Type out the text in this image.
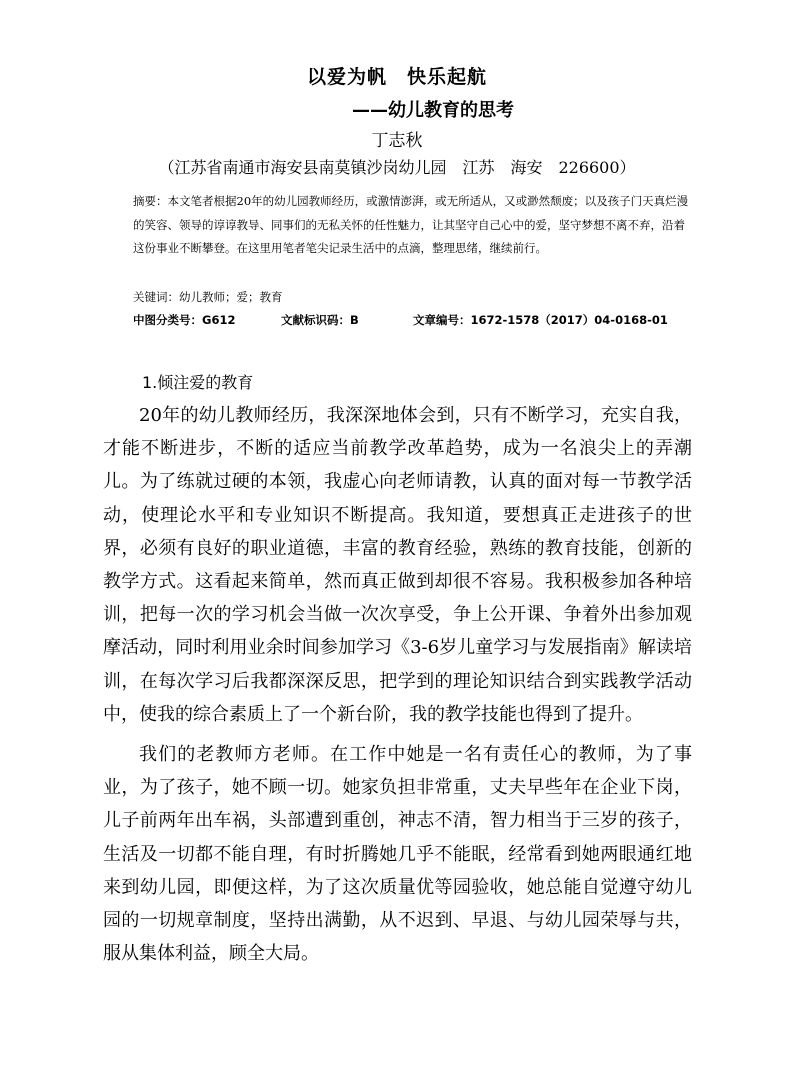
以爱为帆　快乐起航
——幼儿教育的思考
丁志秋
（江苏省南通市海安县南莫镇沙岗幼儿园　江苏　海安　226600）

摘要：本文笔者根据20年的幼儿园教师经历，或激情澎湃，或无所适从，又或渺然颓废；以及孩子门天真烂漫的笑容、领导的谆谆教导、同事们的无私关怀的任性魅力，让其坚守自己心中的爱，坚守梦想不离不弃，沿着这份事业不断攀登。在这里用笔者笔尖记录生活中的点滴，整理思绪，继续前行。

关键词：幼儿教师；爱；教育
中图分类号：G612	文献标识码：B	文章编号：1672-1578（2017）04-0168-01
1.倾注爱的教育

20年的幼儿教师经历，我深深地体会到，只有不断学习，充实自我，才能不断进步，不断的适应当前教学改革趋势，成为一名浪尖上的弄潮儿。为了练就过硬的本领，我虚心向老师请教，认真的面对每一节教学活动，使理论水平和专业知识不断提高。我知道，要想真正走进孩子的世界，必须有良好的职业道德，丰富的教育经验，熟练的教育技能，创新的教学方式。这看起来简单，然而真正做到却很不容易。我积极参加各种培训，把每一次的学习机会当做一次次享受，争上公开课、争着外出参加观摩活动，同时利用业余时间参加学习《3-6岁儿童学习与发展指南》解读培训，在每次学习后我都深深反思，把学到的理论知识结合到实践教学活动中，使我的综合素质上了一个新台阶，我的教学技能也得到了提升。

我们的老教师方老师。在工作中她是一名有责任心的教师，为了事业，为了孩子，她不顾一切。她家负担非常重，丈夫早些年在企业下岗，儿子前两年出车祸，头部遭到重创，神志不清，智力相当于三岁的孩子，生活及一切都不能自理，有时折腾她几乎不能眠，经常看到她两眼通红地来到幼儿园，即便这样，为了这次质量优等园验收，她总能自觉遵守幼儿园的一切规章制度，坚持出满勤，从不迟到、早退、与幼儿园荣辱与共，服从集体利益，顾全大局。
